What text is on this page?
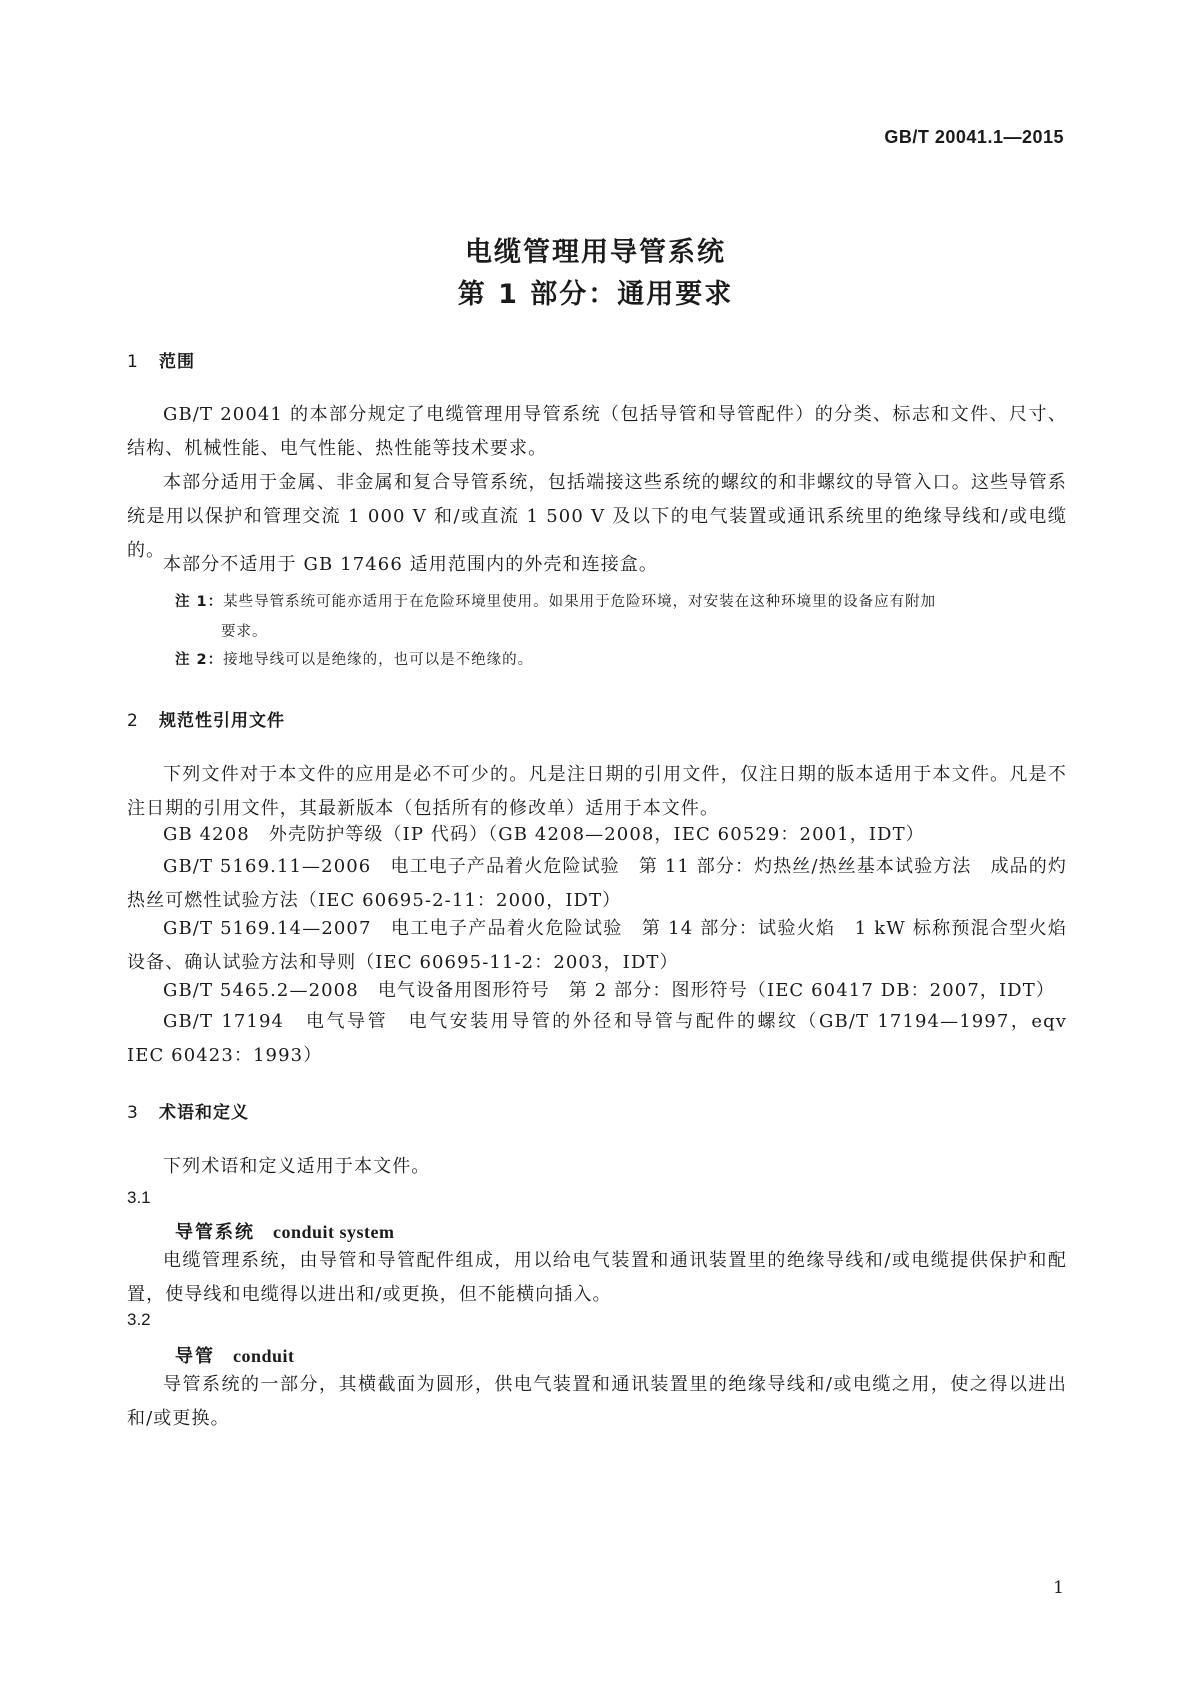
GB/T 20041.1—2015
电缆管理用导管系统
第 1 部分：通用要求
1 范围

GB/T 20041 的本部分规定了电缆管理用导管系统（包括导管和导管配件）的分类、标志和文件、尺寸、结构、机械性能、电气性能、热性能等技术要求。

本部分适用于金属、非金属和复合导管系统，包括端接这些系统的螺纹的和非螺纹的导管入口。这些导管系统是用以保护和管理交流 1 000 V 和/或直流 1 500 V 及以下的电气装置或通讯系统里的绝缘导线和/或电缆的。

本部分不适用于 GB 17466 适用范围内的外壳和连接盒。

注 1：某些导管系统可能亦适用于在危险环境里使用。如果用于危险环境，对安装在这种环境里的设备应有附加
要求。
注 2：接地导线可以是绝缘的，也可以是不绝缘的。
2 规范性引用文件

下列文件对于本文件的应用是必不可少的。凡是注日期的引用文件，仅注日期的版本适用于本文件。凡是不注日期的引用文件，其最新版本（包括所有的修改单）适用于本文件。

GB 4208　外壳防护等级（IP 代码）（GB 4208—2008，IEC 60529：2001，IDT）

GB/T 5169.11—2006　电工电子产品着火危险试验　第 11 部分：灼热丝/热丝基本试验方法　成品的灼热丝可燃性试验方法（IEC 60695-2-11：2000，IDT）

GB/T 5169.14—2007　电工电子产品着火危险试验　第 14 部分：试验火焰　1 kW 标称预混合型火焰　设备、确认试验方法和导则（IEC 60695-11-2：2003，IDT）

GB/T 5465.2—2008　电气设备用图形符号　第 2 部分：图形符号（IEC 60417 DB：2007，IDT）

GB/T 17194　电气导管　电气安装用导管的外径和导管与配件的螺纹（GB/T 17194—1997，eqv IEC 60423：1993）

3 术语和定义

下列术语和定义适用于本文件。

3.1
导管系统 conduit system

电缆管理系统，由导管和导管配件组成，用以给电气装置和通讯装置里的绝缘导线和/或电缆提供保护和配置，使导线和电缆得以进出和/或更换，但不能横向插入。

3.2
导管 conduit

导管系统的一部分，其横截面为圆形，供电气装置和通讯装置里的绝缘导线和/或电缆之用，使之得以进出和/或更换。

1
